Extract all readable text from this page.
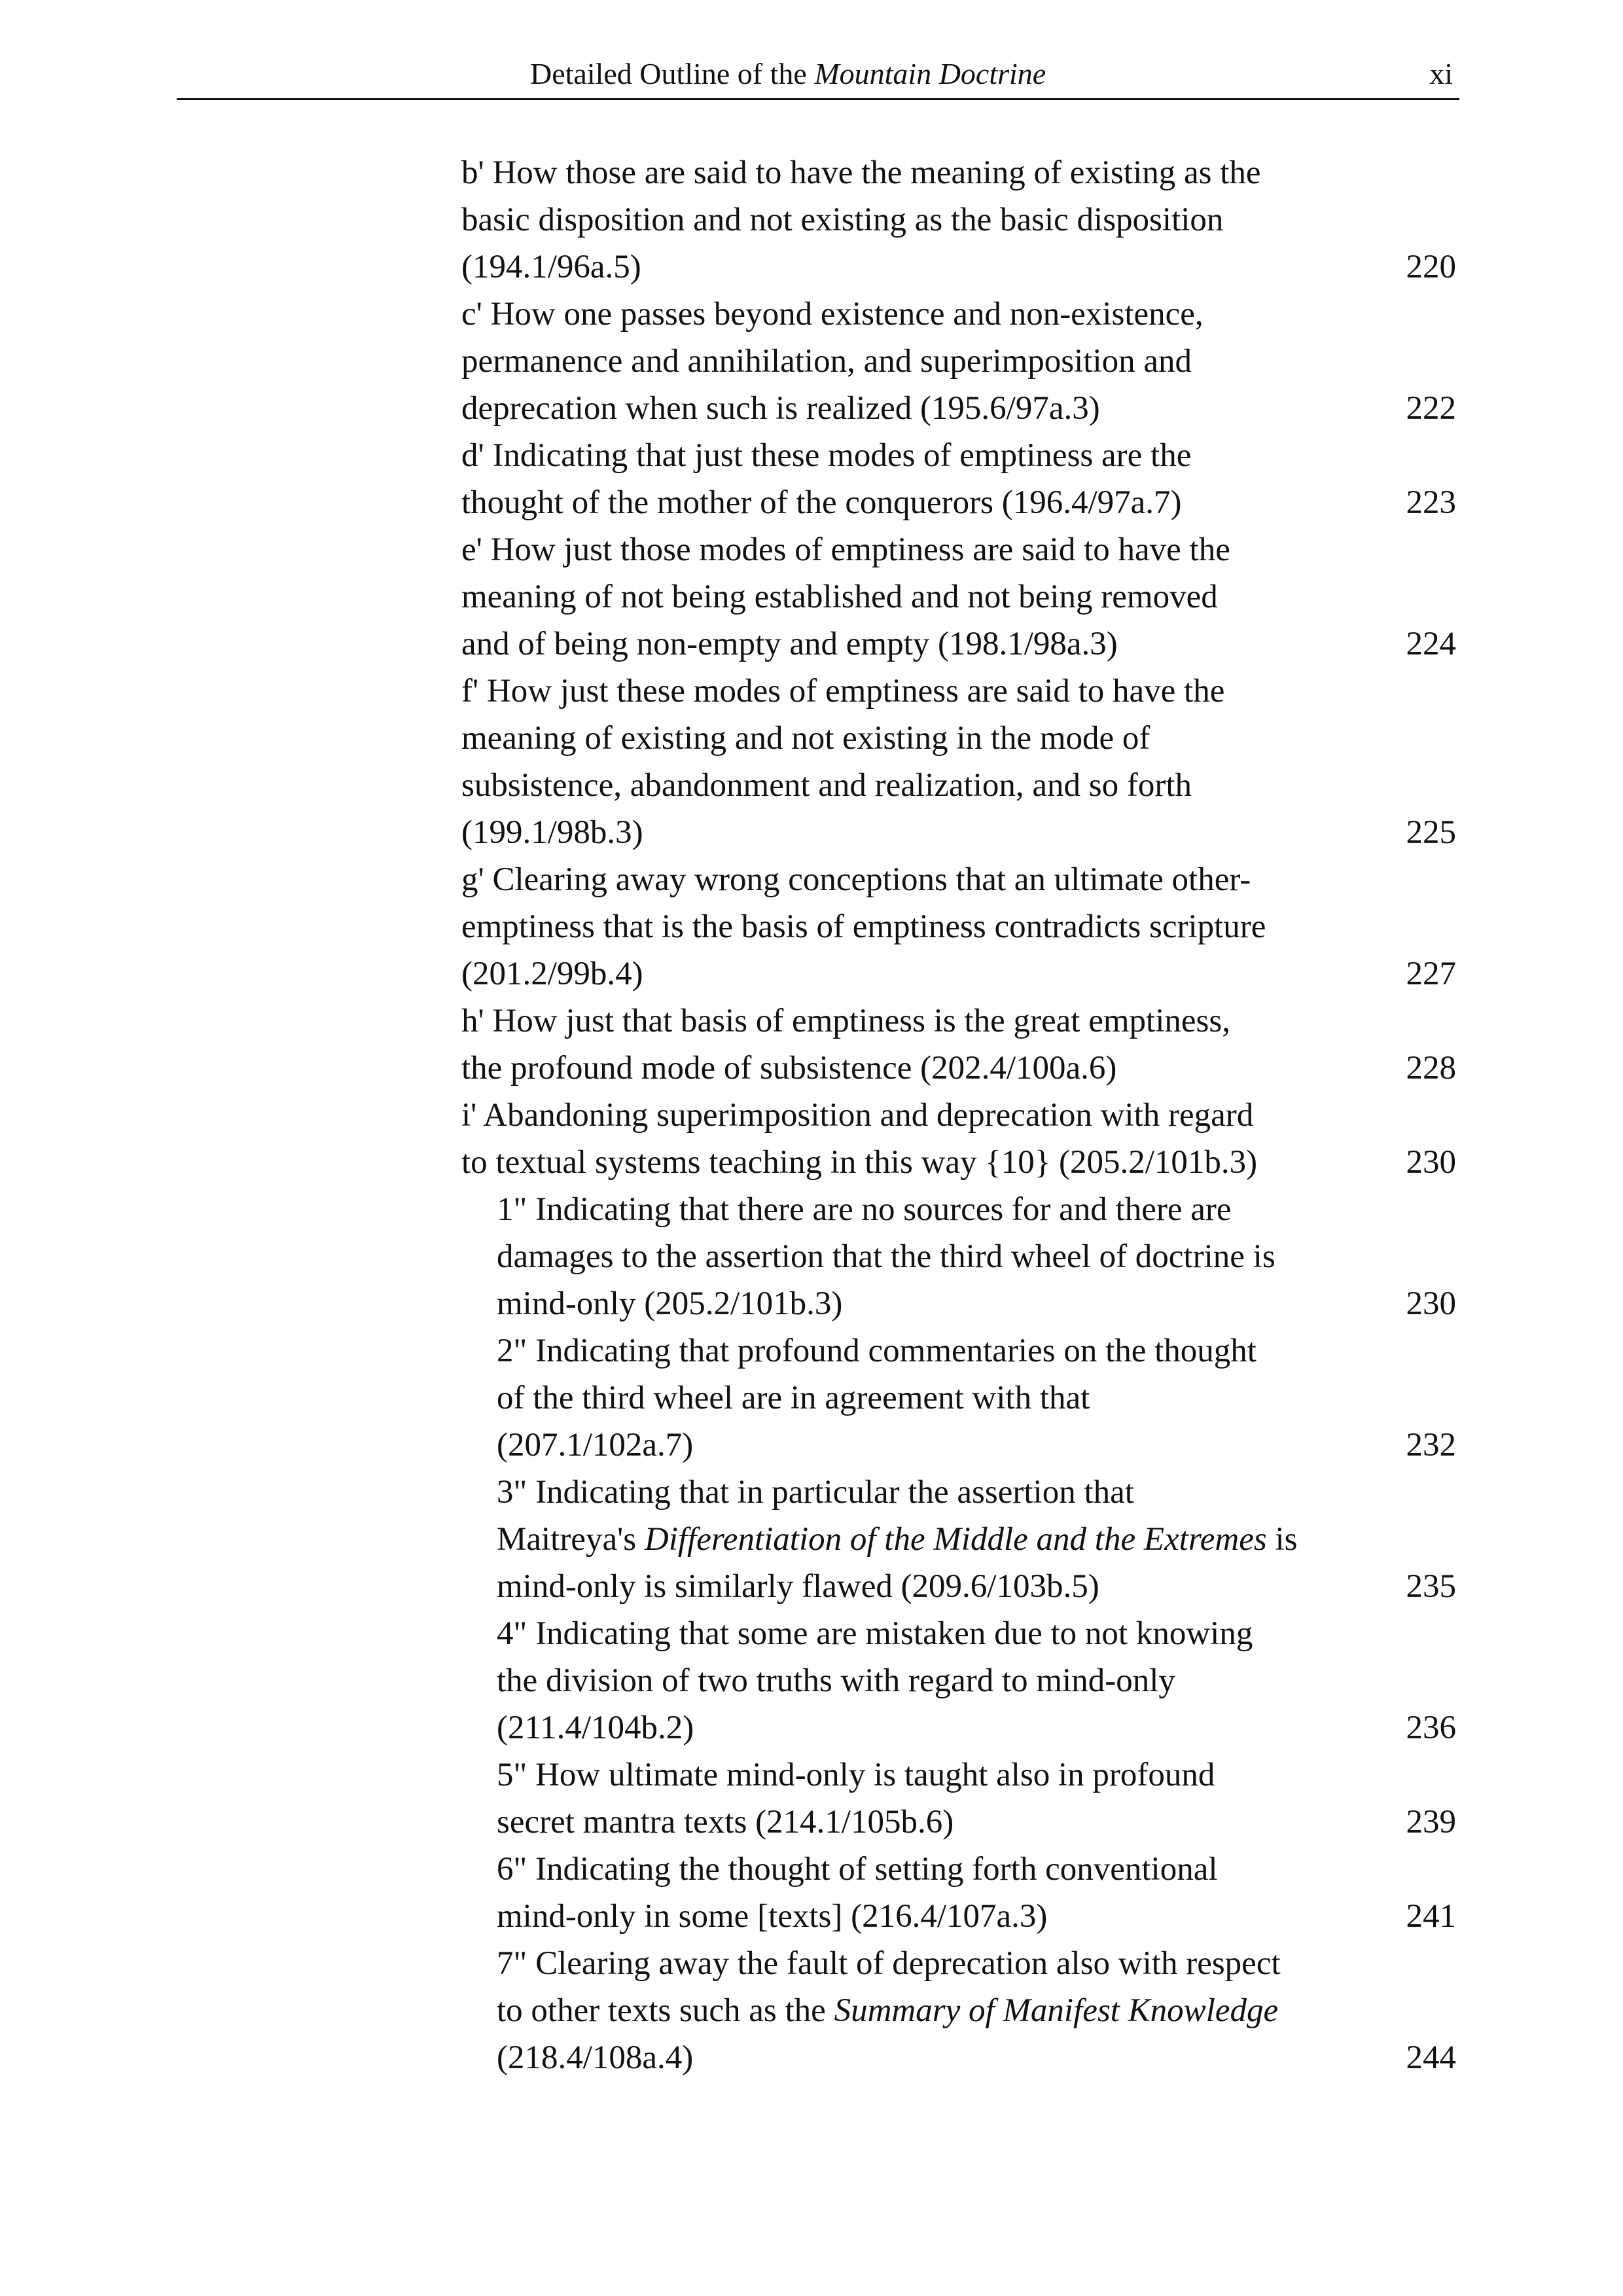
Detailed Outline of the Mountain Doctrine	xi
b' How those are said to have the meaning of existing as the
basic disposition and not existing as the basic disposition
(194.1/96a.5)	220
c' How one passes beyond existence and non-existence,
permanence and annihilation, and superimposition and
deprecation when such is realized (195.6/97a.3)	222
d' Indicating that just these modes of emptiness are the
thought of the mother of the conquerors (196.4/97a.7)	223
e' How just those modes of emptiness are said to have the
meaning of not being established and not being removed
and of being non-empty and empty (198.1/98a.3)	224
f' How just these modes of emptiness are said to have the
meaning of existing and not existing in the mode of
subsistence, abandonment and realization, and so forth
(199.1/98b.3)	225
g' Clearing away wrong conceptions that an ultimate other-
emptiness that is the basis of emptiness contradicts scripture
(201.2/99b.4)	227
h' How just that basis of emptiness is the great emptiness,
the profound mode of subsistence (202.4/100a.6)	228
i' Abandoning superimposition and deprecation with regard
to textual systems teaching in this way {10} (205.2/101b.3)	230
1" Indicating that there are no sources for and there are
damages to the assertion that the third wheel of doctrine is
mind-only (205.2/101b.3)	230
2" Indicating that profound commentaries on the thought
of the third wheel are in agreement with that
(207.1/102a.7)	232
3" Indicating that in particular the assertion that
Maitreya's Differentiation of the Middle and the Extremes is
mind-only is similarly flawed (209.6/103b.5)	235
4" Indicating that some are mistaken due to not knowing
the division of two truths with regard to mind-only
(211.4/104b.2)	236
5" How ultimate mind-only is taught also in profound
secret mantra texts (214.1/105b.6)	239
6" Indicating the thought of setting forth conventional
mind-only in some [texts] (216.4/107a.3)	241
7" Clearing away the fault of deprecation also with respect
to other texts such as the Summary of Manifest Knowledge
(218.4/108a.4)	244
